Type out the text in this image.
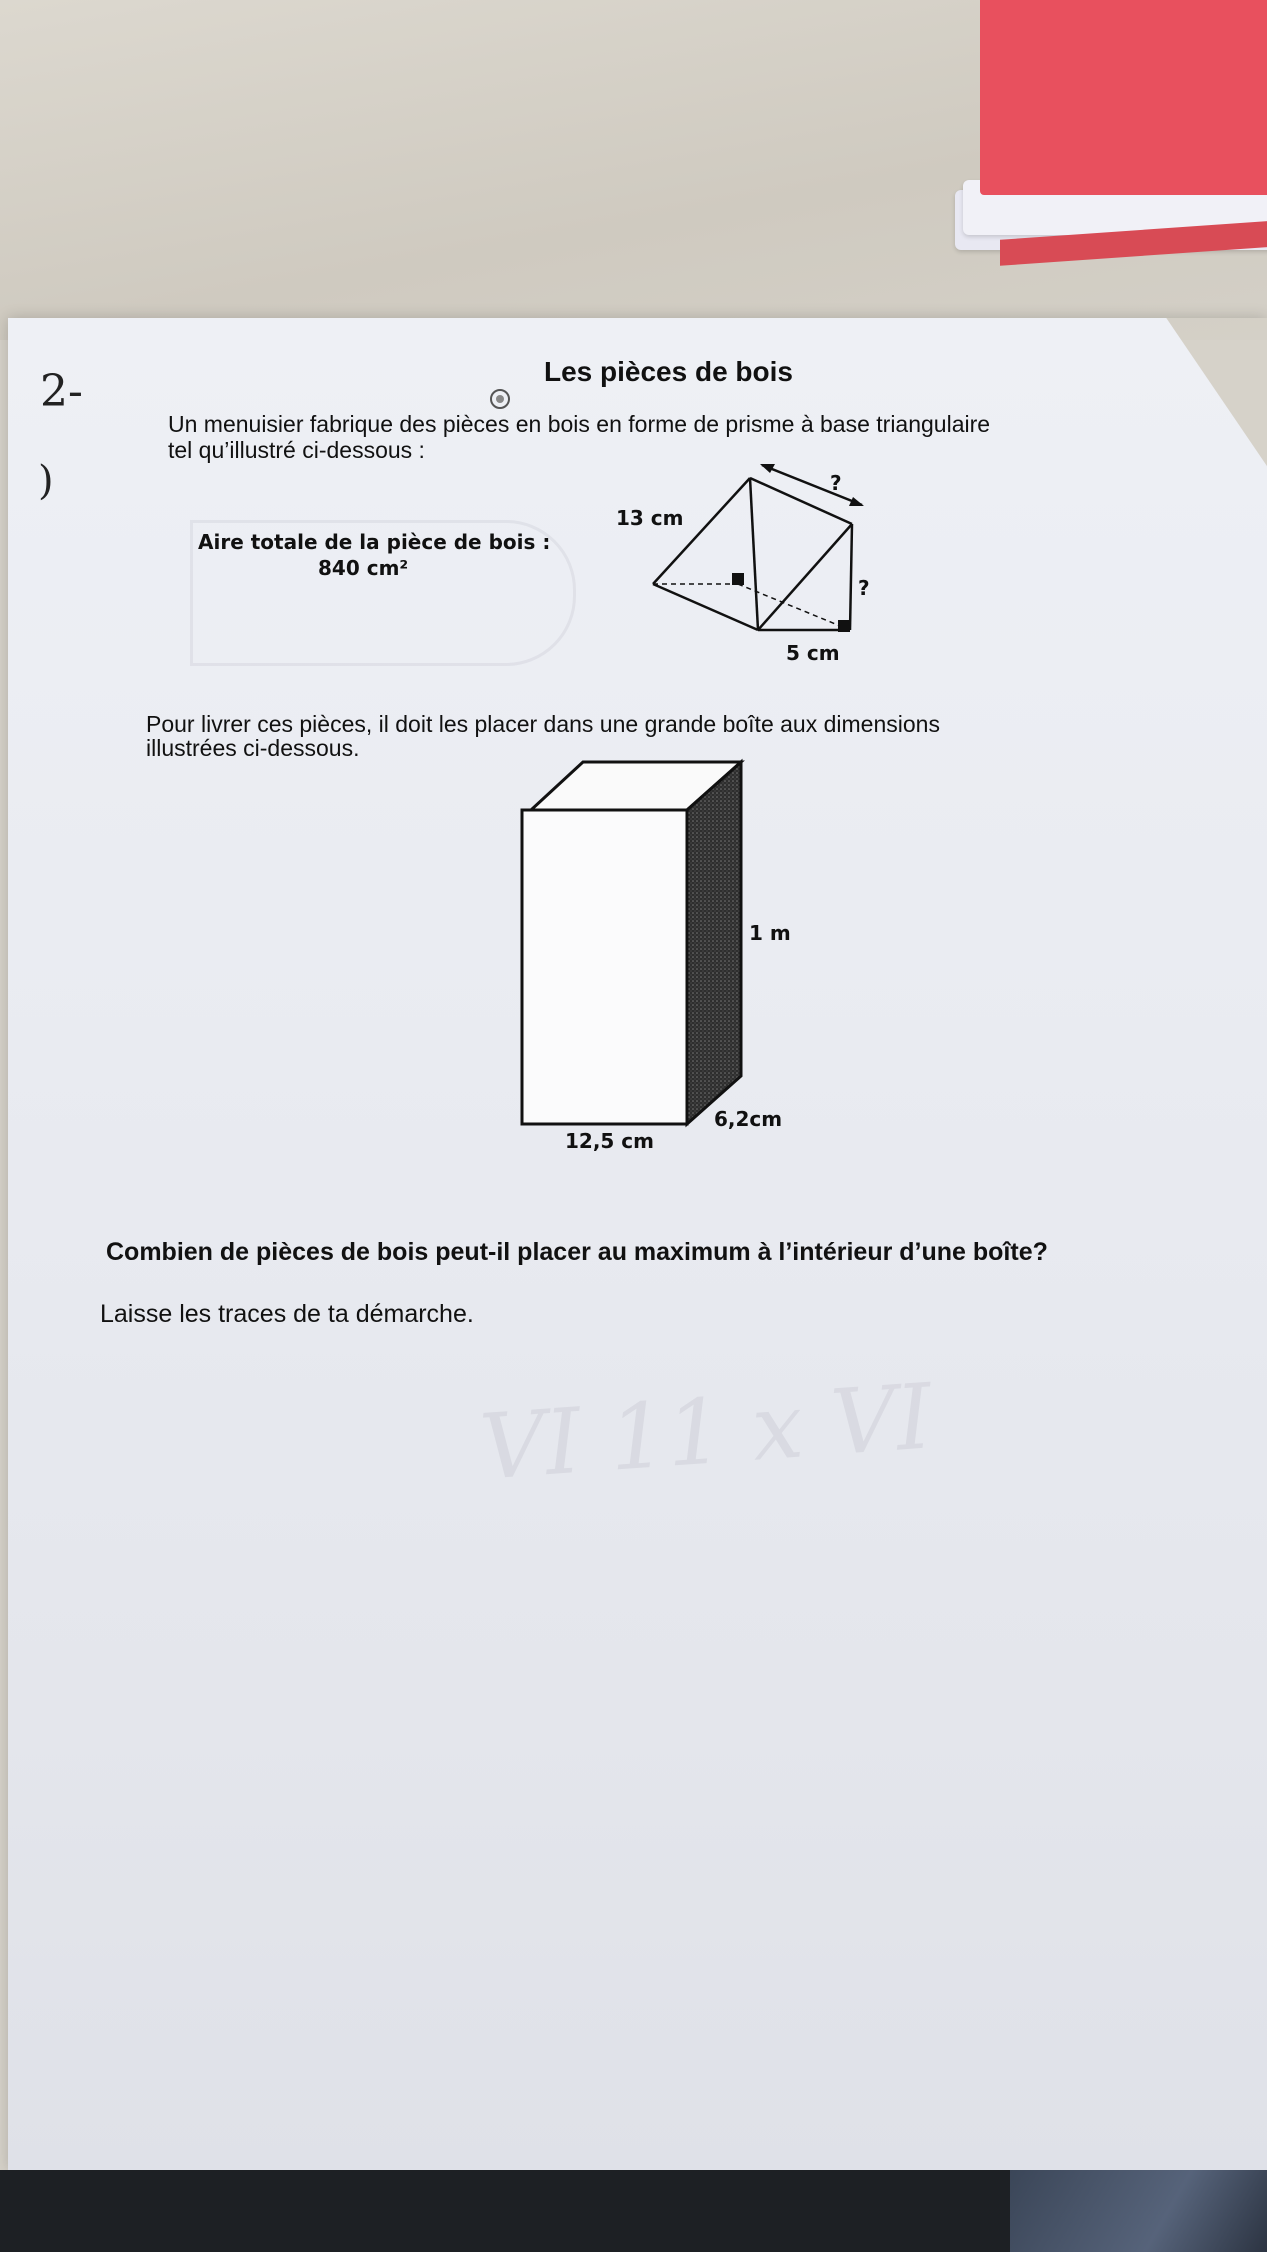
VI 11 x VI
2-
)
Les pièces de bois
Un menuisier fabrique des pièces en bois en forme de prisme à base triangulaire
tel qu’illustré ci-dessous :
Aire totale de la pièce de bois :
840 cm²
13 cm
?
?
5 cm
Pour livrer ces pièces, il doit les placer dans une grande boîte aux dimensions
illustrées ci-dessous.
1 m
6,2cm
12,5 cm
Combien de pièces de bois peut-il placer au maximum à l’intérieur d’une boîte?
Laisse les traces de ta démarche.
